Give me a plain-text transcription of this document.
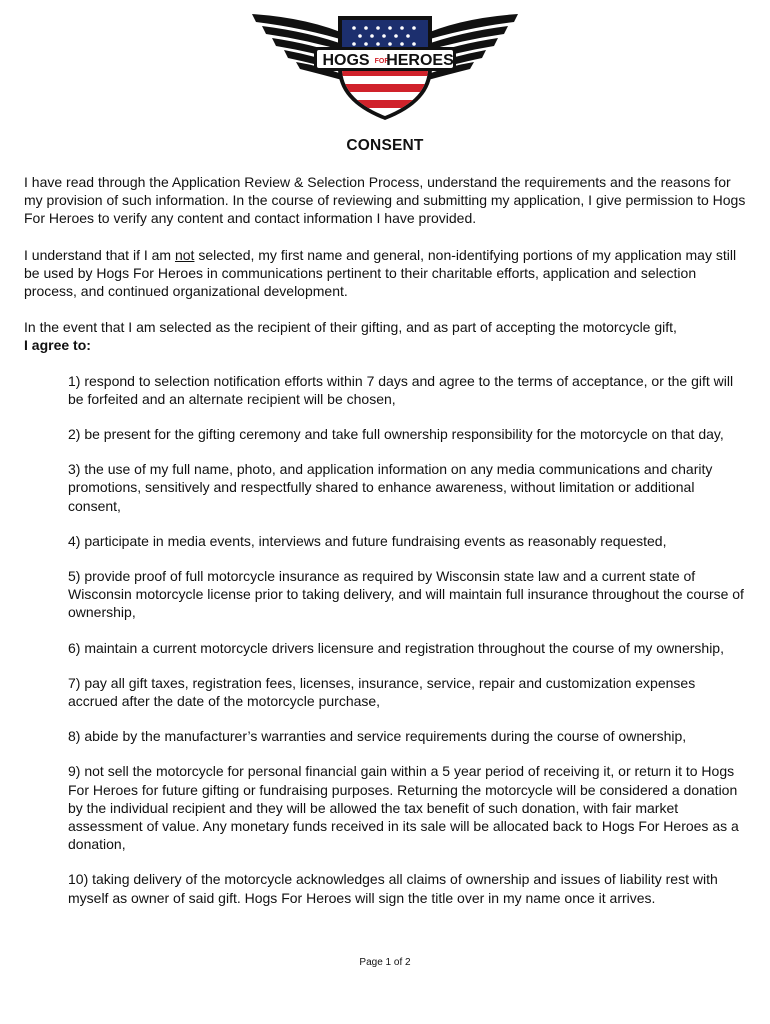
HOGS FOR
HEROES
CONSENT

I have read through the Application Review & Selection Process, understand the requirements and the reasons for my provision of such information. In the course of reviewing and submitting my application, I give permission to Hogs For Heroes to verify any content and contact information I have provided.

I understand that if I am not selected, my first name and general, non-identifying portions of my application may still be used by Hogs For Heroes in communications pertinent to their charitable efforts, application and selection process, and continued organizational development.

In the event that I am selected as the recipient of their gifting, and as part of accepting the motorcycle gift,
I agree to:

1) respond to selection notification efforts within 7 days and agree to the terms of acceptance, or the gift will be forfeited and an alternate recipient will be chosen,
2) be present for the gifting ceremony and take full ownership responsibility for the motorcycle on that day,
3) the use of my full name, photo, and application information on any media communications and charity promotions, sensitively and respectfully shared to enhance awareness, without limitation or additional consent,
4) participate in media events, interviews and future fundraising events as reasonably requested,
5) provide proof of full motorcycle insurance as required by Wisconsin state law and a current state of Wisconsin motorcycle license prior to taking delivery, and will maintain full insurance throughout the course of ownership,
6) maintain a current motorcycle drivers licensure and registration throughout the course of my ownership,
7) pay all gift taxes, registration fees, licenses, insurance, service, repair and customization expenses accrued after the date of the motorcycle purchase,
8) abide by the manufacturer’s warranties and service requirements during the course of ownership,
9) not sell the motorcycle for personal financial gain within a 5 year period of receiving it, or return it to Hogs For Heroes for future gifting or fundraising purposes. Returning the motorcycle will be considered a donation by the individual recipient and they will be allowed the tax benefit of such donation, with fair market assessment of value. Any monetary funds received in its sale will be allocated back to Hogs For Heroes as a donation,
10) taking delivery of the motorcycle acknowledges all claims of ownership and issues of liability rest with myself as owner of said gift. Hogs For Heroes will sign the title over in my name once it arrives.
Page 1 of 2
